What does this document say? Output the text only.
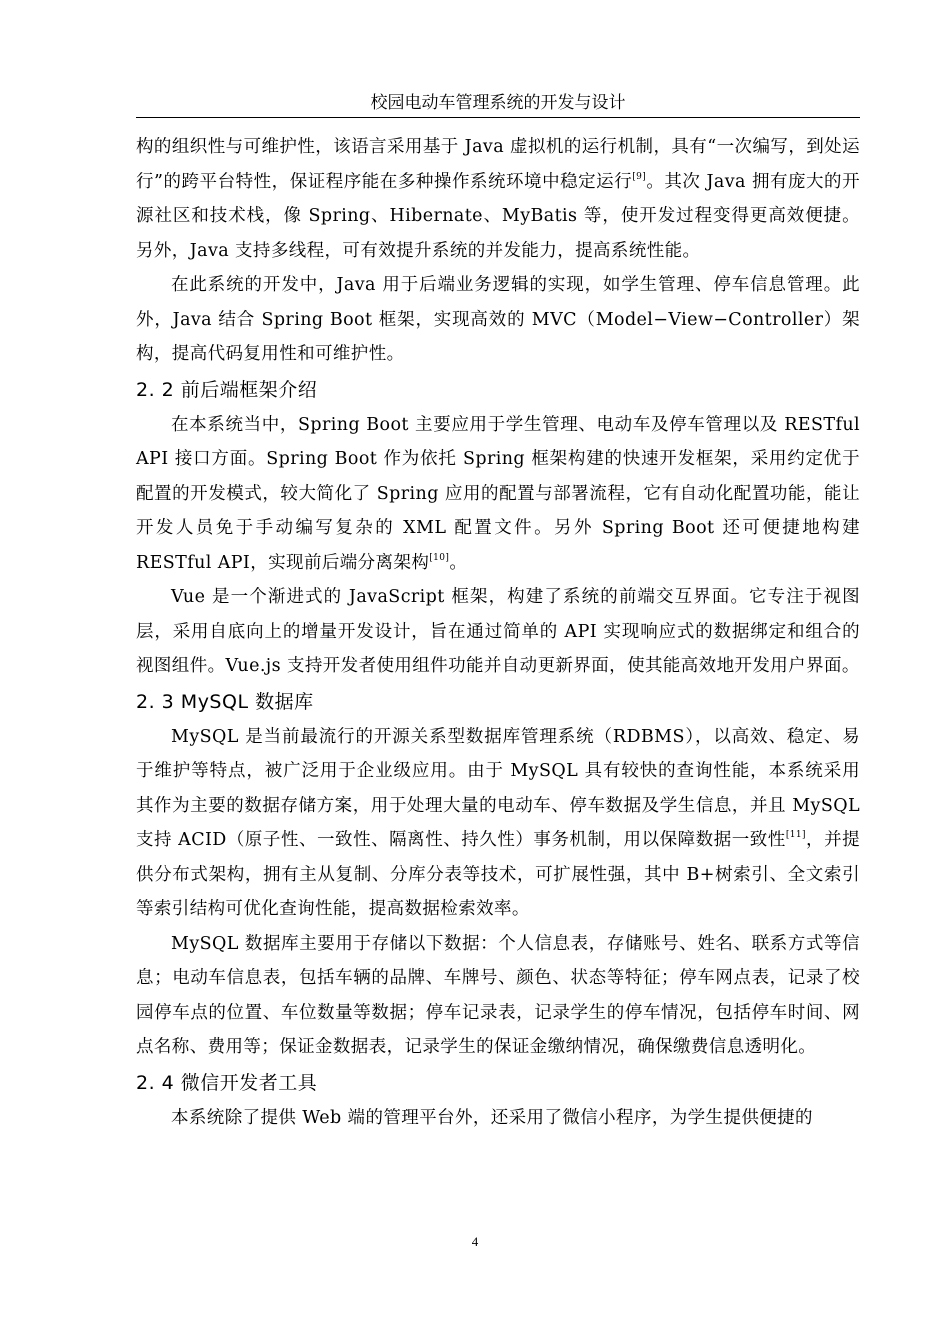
校园电动车管理系统的开发与设计

构的组织性与可维护性，该语言采用基于 Java 虚拟机的运行机制，具有“一次编写，到处运行”的跨平台特性，保证程序能在多种操作系统环境中稳定运行[9]。其次 Java 拥有庞大的开源社区和技术栈，像 Spring、Hibernate、MyBatis 等，使开发过程变得更高效便捷。另外，Java 支持多线程，可有效提升系统的并发能力，提高系统性能。

在此系统的开发中，Java 用于后端业务逻辑的实现，如学生管理、停车信息管理。此外，Java 结合 Spring Boot 框架，实现高效的 MVC（Model−View−Controller）架构，提高代码复用性和可维护性。

2. 2 前后端框架介绍

在本系统当中，Spring Boot 主要应用于学生管理、电动车及停车管理以及 RESTful API 接口方面。Spring Boot 作为依托 Spring 框架构建的快速开发框架，采用约定优于配置的开发模式，较大简化了 Spring 应用的配置与部署流程，它有自动化配置功能，能让开发人员免于手动编写复杂的 XML 配置文件。另外 Spring Boot 还可便捷地构建 RESTful API，实现前后端分离架构[10]。

Vue 是一个渐进式的 JavaScript 框架，构建了系统的前端交互界面。它专注于视图层，采用自底向上的增量开发设计，旨在通过简单的 API 实现响应式的数据绑定和组合的视图组件。Vue.js 支持开发者使用组件功能并自动更新界面，使其能高效地开发用户界面。

2. 3 MySQL 数据库

MySQL 是当前最流行的开源关系型数据库管理系统（RDBMS），以高效、稳定、易于维护等特点，被广泛用于企业级应用。由于 MySQL 具有较快的查询性能，本系统采用其作为主要的数据存储方案，用于处理大量的电动车、停车数据及学生信息，并且 MySQL 支持 ACID（原子性、一致性、隔离性、持久性）事务机制，用以保障数据一致性[11]，并提供分布式架构，拥有主从复制、分库分表等技术，可扩展性强，其中 B+树索引、全文索引等索引结构可优化查询性能，提高数据检索效率。

MySQL 数据库主要用于存储以下数据：个人信息表，存储账号、姓名、联系方式等信息；电动车信息表，包括车辆的品牌、车牌号、颜色、状态等特征；停车网点表，记录了校园停车点的位置、车位数量等数据；停车记录表，记录学生的停车情况，包括停车时间、网点名称、费用等；保证金数据表，记录学生的保证金缴纳情况，确保缴费信息透明化。

2. 4 微信开发者工具

本系统除了提供 Web 端的管理平台外，还采用了微信小程序，为学生提供便捷的

4
